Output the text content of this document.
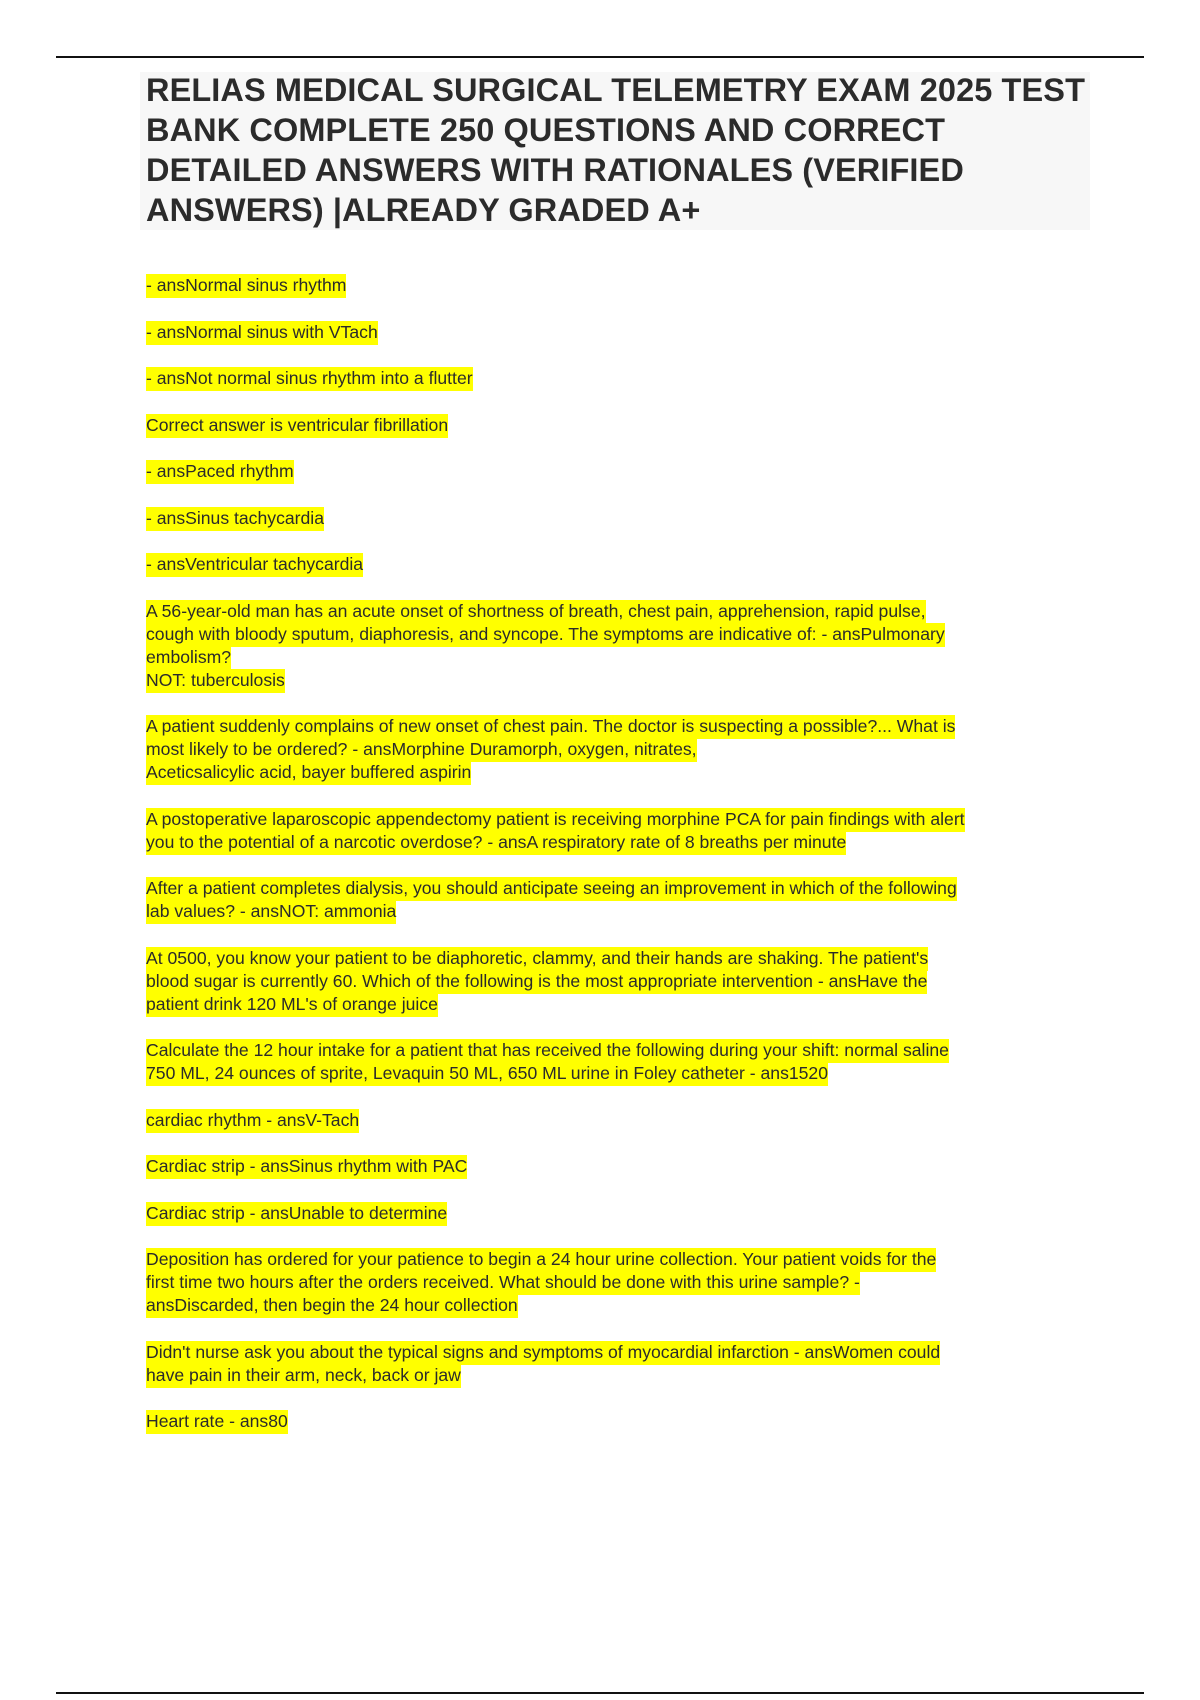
RELIAS MEDICAL SURGICAL TELEMETRY EXAM 2025 TEST BANK COMPLETE 250 QUESTIONS AND CORRECT DETAILED ANSWERS WITH RATIONALES (VERIFIED ANSWERS) |ALREADY GRADED A+
- ansNormal sinus rhythm
- ansNormal sinus with VTach
- ansNot normal sinus rhythm into a flutter
Correct answer is ventricular fibrillation
- ansPaced rhythm
- ansSinus tachycardia
- ansVentricular tachycardia
A 56-year-old man has an acute onset of shortness of breath, chest pain, apprehension, rapid pulse,
cough with bloody sputum, diaphoresis, and syncope. The symptoms are indicative of: - ansPulmonary
embolism?
NOT: tuberculosis
A patient suddenly complains of new onset of chest pain. The doctor is suspecting a possible?... What is
most likely to be ordered? - ansMorphine Duramorph, oxygen, nitrates,
Aceticsalicylic acid, bayer buffered aspirin
A postoperative laparoscopic appendectomy patient is receiving morphine PCA for pain findings with alert
you to the potential of a narcotic overdose? - ansA respiratory rate of 8 breaths per minute
After a patient completes dialysis, you should anticipate seeing an improvement in which of the following
lab values? - ansNOT: ammonia
At 0500, you know your patient to be diaphoretic, clammy, and their hands are shaking. The patient's
blood sugar is currently 60. Which of the following is the most appropriate intervention - ansHave the
patient drink 120 ML's of orange juice
Calculate the 12 hour intake for a patient that has received the following during your shift: normal saline
750 ML, 24 ounces of sprite, Levaquin 50 ML, 650 ML urine in Foley catheter - ans1520
cardiac rhythm - ansV-Tach
Cardiac strip - ansSinus rhythm with PAC
Cardiac strip - ansUnable to determine
Deposition has ordered for your patience to begin a 24 hour urine collection. Your patient voids for the
first time two hours after the orders received. What should be done with this urine sample? -
ansDiscarded, then begin the 24 hour collection
Didn't nurse ask you about the typical signs and symptoms of myocardial infarction - ansWomen could
have pain in their arm, neck, back or jaw
Heart rate - ans80
